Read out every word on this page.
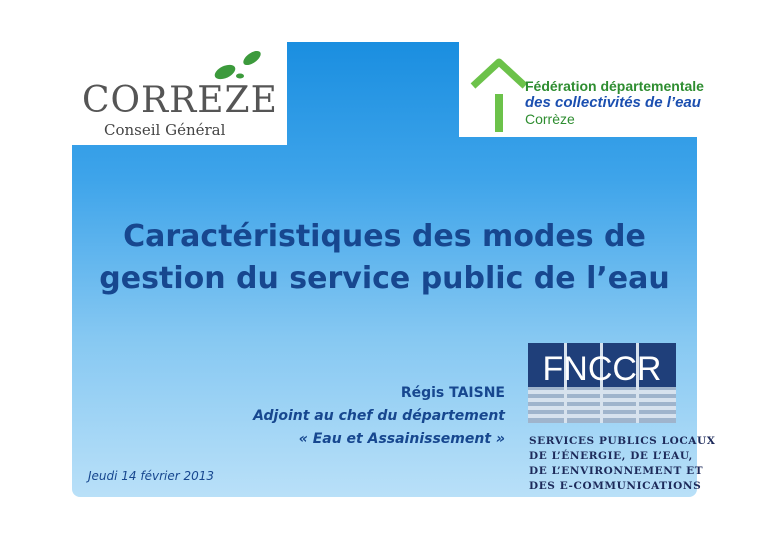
CORREZE
Conseil Général
Fédération départementale
des collectivités de l’eau
Corrèze
Caractéristiques des modes de
gestion du service public de l’eau
Régis TAISNE
Adjoint au chef du département
« Eau et Assainissement »
Jeudi 14 février 2013
FNCCR
SERVICES PUBLICS LOCAUX
DE L’ÉNERGIE, DE L’EAU,
DE L’ENVIRONNEMENT ET
DES E-COMMUNICATIONS
